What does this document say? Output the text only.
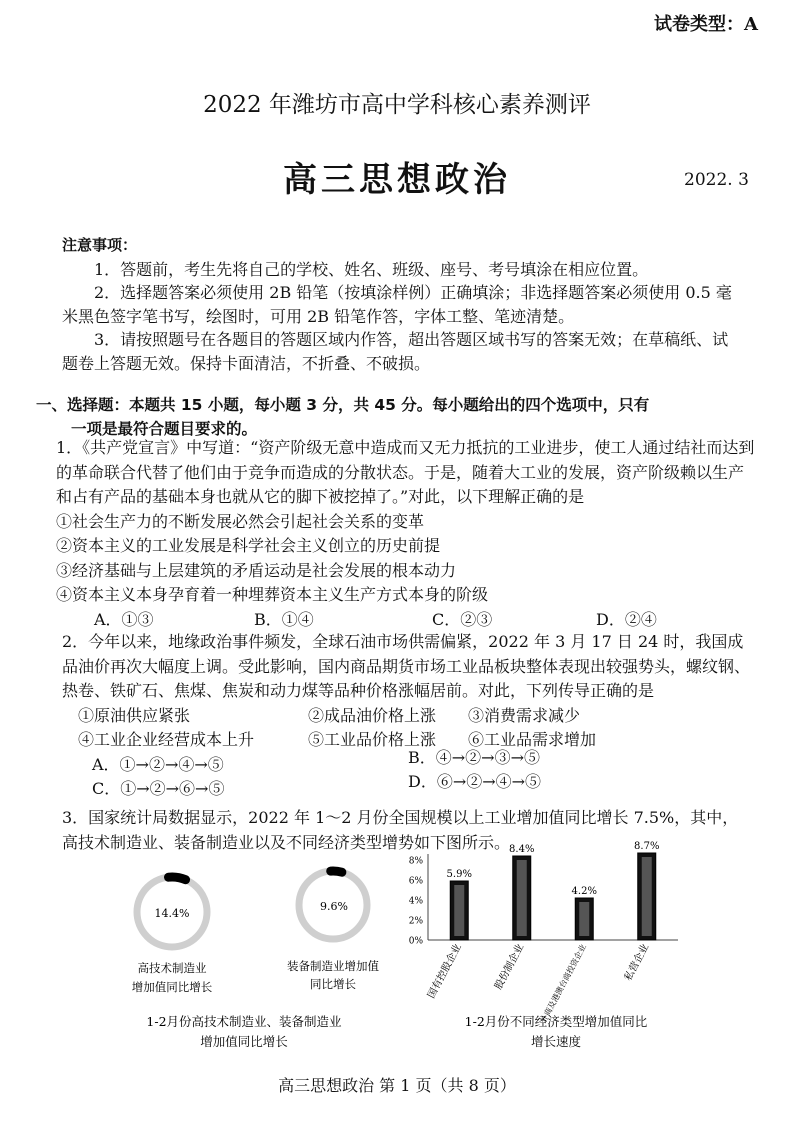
试卷类型：A
2022 年潍坊市高中学科核心素养测评
高三思想政治	2022. 3

注意事项：

1．答题前，考生先将自己的学校、姓名、班级、座号、考号填涂在相应位置。

2．选择题答案必须使用 2B 铅笔（按填涂样例）正确填涂；非选择题答案必须使用 0.5 毫米黑色签字笔书写，绘图时，可用 2B 铅笔作答，字体工整、笔迹清楚。

3．请按照题号在各题目的答题区域内作答，超出答题区域书写的答案无效；在草稿纸、试题卷上答题无效。保持卡面清洁，不折叠、不破损。

一、选择题：本题共 15 小题，每小题 3 分，共 45 分。每小题给出的四个选项中，只有
一项是最符合题目要求的。

1．《共产党宣言》中写道：“资产阶级无意中造成而又无力抵抗的工业进步，使工人通过结社而达到的革命联合代替了他们由于竞争而造成的分散状态。于是，随着大工业的发展，资产阶级赖以生产和占有产品的基础本身也就从它的脚下被挖掉了。”对此，以下理解正确的是

①社会生产力的不断发展必然会引起社会关系的变革

②资本主义的工业发展是科学社会主义创立的历史前提

③经济基础与上层建筑的矛盾运动是社会发展的根本动力

④资本主义本身孕育着一种埋葬资本主义生产方式本身的阶级

A．①③	B．①④	C．②③	D．②④

2．今年以来，地缘政治事件频发，全球石油市场供需偏紧，2022 年 3 月 17 日 24 时，我国成品油价再次大幅度上调。受此影响，国内商品期货市场工业品板块整体表现出较强势头，螺纹钢、热卷、铁矿石、焦煤、焦炭和动力煤等品种价格涨幅居前。对此，下列传导正确的是

①原油供应紧张	②成品油价格上涨 ③消费需求减少
④工业企业经营成本上升	⑤工业品价格上涨 ⑥工业品需求增加
A．①→②→④→⑤	B．④→②→③→⑤
C．①→②→⑥→⑤	D．⑥→②→④→⑤

3．国家统计局数据显示，2022 年 1～2 月份全国规模以上工业增加值同比增长 7.5%，其中，高技术制造业、装备制造业以及不同经济类型增势如下图所示。

14.4%
高技术制造业
增加值同比增长
9.6%
装备制造业增加值
同比增长
1-2月份高技术制造业、装备制造业
增加值同比增长
0%
2%
4%
6%
8%
5.9%
国有控股企业
8.4%
股份制企业
4.2%
外商及港澳台商投资企业
8.7%
私营企业
1-2月份不同经济类型增加值同比
增长速度
高三思想政治 第 1 页（共 8 页）
